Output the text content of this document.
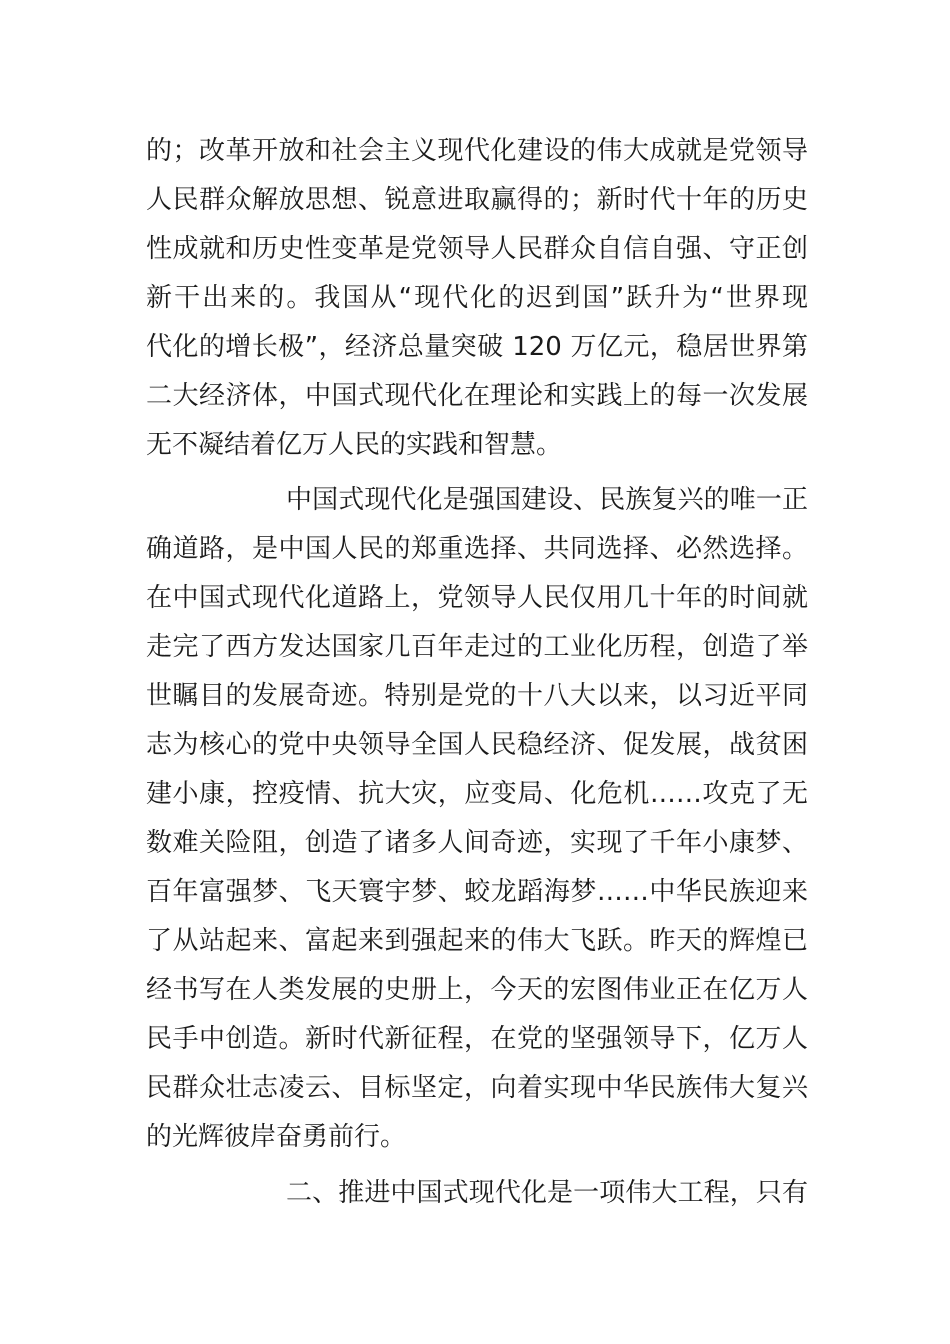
的；改革开放和社会主义现代化建设的伟大成就是党领导
人民群众解放思想、锐意进取赢得的；新时代十年的历史
性成就和历史性变革是党领导人民群众自信自强、守正创
新干出来的。我国从“现代化的迟到国”跃升为“世界现
代化的增长极”，经济总量突破 120 万亿元，稳居世界第
二大经济体，中国式现代化在理论和实践上的每一次发展
无不凝结着亿万人民的实践和智慧。
中国式现代化是强国建设、民族复兴的唯一正
确道路，是中国人民的郑重选择、共同选择、必然选择。
在中国式现代化道路上，党领导人民仅用几十年的时间就
走完了西方发达国家几百年走过的工业化历程，创造了举
世瞩目的发展奇迹。特别是党的十八大以来，以习近平同
志为核心的党中央领导全国人民稳经济、促发展，战贫困
建小康，控疫情、抗大灾，应变局、化危机……攻克了无
数难关险阻，创造了诸多人间奇迹，实现了千年小康梦、
百年富强梦、飞天寰宇梦、蛟龙蹈海梦……中华民族迎来
了从站起来、富起来到强起来的伟大飞跃。昨天的辉煌已
经书写在人类发展的史册上，今天的宏图伟业正在亿万人
民手中创造。新时代新征程，在党的坚强领导下，亿万人
民群众壮志凌云、目标坚定，向着实现中华民族伟大复兴
的光辉彼岸奋勇前行。
二、推进中国式现代化是一项伟大工程，只有
